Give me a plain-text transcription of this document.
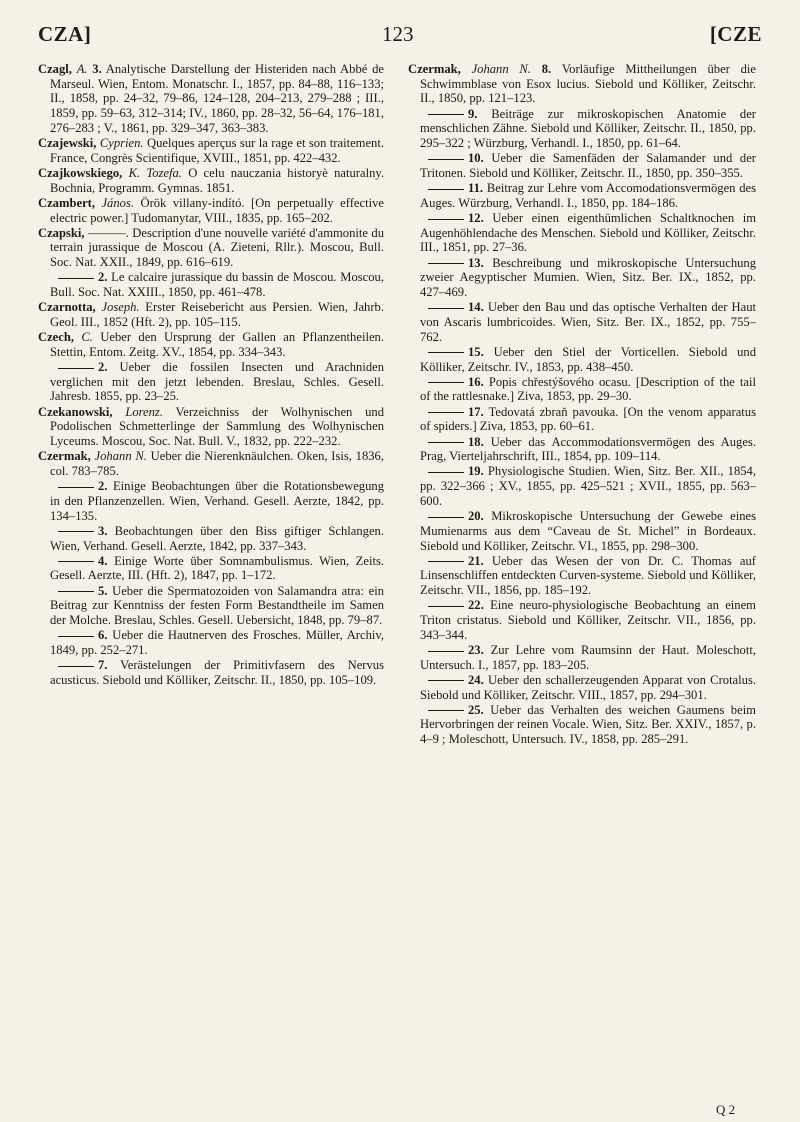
CZA]	123	[CZE

Czagl, A. 3. Analytische Darstellung der Histeriden nach Abbé de Marseul. Wien, Entom. Monatschr. I., 1857, pp. 84–88, 116–133; II., 1858, pp. 24–32, 79–86, 124–128, 204–213, 279–288 ; III., 1859, pp. 59–63, 312–314; IV., 1860, pp. 28–32, 56–64, 176–181, 276–283 ; V., 1861, pp. 329–347, 363–383.

Czajewski, Cyprien. Quelques aperçus sur la rage et son traitement. France, Congrès Scientifique, XVIII., 1851, pp. 422–432.

Czajkowskiego, K. Tozefa. O celu nauczania historyè naturalny. Bochnia, Programm. Gymnas. 1851.

Czambert, János. Örök villany-indító. [On perpetually effective electric power.] Tudomanytar, VIII., 1835, pp. 165–202.

Czapski, ———. Description d'une nouvelle variété d'ammonite du terrain jurassique de Moscou (A. Zieteni, Rllr.). Moscou, Bull. Soc. Nat. XXII., 1849, pp. 616–619.

2. Le calcaire jurassique du bassin de Moscou. Moscou, Bull. Soc. Nat. XXIII., 1850, pp. 461–478.

Czarnotta, Joseph. Erster Reisebericht aus Persien. Wien, Jahrb. Geol. III., 1852 (Hft. 2), pp. 105–115.

Czech, C. Ueber den Ursprung der Gallen an Pflanzentheilen. Stettin, Entom. Zeitg. XV., 1854, pp. 334–343.

2. Ueber die fossilen Insecten und Arachniden verglichen mit den jetzt lebenden. Breslau, Schles. Gesell. Jahresb. 1855, pp. 23–25.

Czekanowski, Lorenz. Verzeichniss der Wolhynischen und Podolischen Schmetterlinge der Sammlung des Wolhynischen Lyceums. Moscou, Soc. Nat. Bull. V., 1832, pp. 222–232.

Czermak, Johann N. Ueber die Nierenknäulchen. Oken, Isis, 1836, col. 783–785.

2. Einige Beobachtungen über die Rotationsbewegung in den Pflanzenzellen. Wien, Verhand. Gesell. Aerzte, 1842, pp. 134–135.

3. Beobachtungen über den Biss giftiger Schlangen. Wien, Verhand. Gesell. Aerzte, 1842, pp. 337–343.

4. Einige Worte über Somnambulismus. Wien, Zeits. Gesell. Aerzte, III. (Hft. 2), 1847, pp. 1–172.

5. Ueber die Spermatozoiden von Salamandra atra: ein Beitrag zur Kenntniss der festen Form Bestandtheile im Samen der Molche. Breslau, Schles. Gesell. Uebersicht, 1848, pp. 79–87.

6. Ueber die Hautnerven des Frosches. Müller, Archiv, 1849, pp. 252–271.

7. Verästelungen der Primitivfasern des Nervus acusticus. Siebold und Kölliker, Zeitschr. II., 1850, pp. 105–109.

Czermak, Johann N. 8. Vorläufige Mittheilungen über die Schwimmblase von Esox lucius. Siebold und Kölliker, Zeitschr. II., 1850, pp. 121–123.

9. Beiträge zur mikroskopischen Anatomie der menschlichen Zähne. Siebold und Kölliker, Zeitschr. II., 1850, pp. 295–322 ; Würzburg, Verhandl. I., 1850, pp. 61–64.

10. Ueber die Samenfäden der Salamander und der Tritonen. Siebold und Kölliker, Zeitschr. II., 1850, pp. 350–355.

11. Beitrag zur Lehre vom Accomodationsvermögen des Auges. Würzburg, Verhandl. I., 1850, pp. 184–186.

12. Ueber einen eigenthümlichen Schaltknochen im Augenhöhlendache des Menschen. Siebold und Kölliker, Zeitschr. III., 1851, pp. 27–36.

13. Beschreibung und mikroskopische Untersuchung zweier Aegyptischer Mumien. Wien, Sitz. Ber. IX., 1852, pp. 427–469.

14. Ueber den Bau und das optische Verhalten der Haut von Ascaris lumbricoides. Wien, Sitz. Ber. IX., 1852, pp. 755–762.

15. Ueber den Stiel der Vorticellen. Siebold und Kölliker, Zeitschr. IV., 1853, pp. 438–450.

16. Popis chřestýšového ocasu. [Description of the tail of the rattlesnake.] Ziva, 1853, pp. 29–30.

17. Tedovatá zbraň pavouka. [On the venom apparatus of spiders.] Ziva, 1853, pp. 60–61.

18. Ueber das Accommodationsvermögen des Auges. Prag, Vierteljahrschrift, III., 1854, pp. 109–114.

19. Physiologische Studien. Wien, Sitz. Ber. XII., 1854, pp. 322–366 ; XV., 1855, pp. 425–521 ; XVII., 1855, pp. 563–600.

20. Mikroskopische Untersuchung der Gewebe eines Mumienarms aus dem “Caveau de St. Michel” in Bordeaux. Siebold und Kölliker, Zeitschr. VI., 1855, pp. 298–300.

21. Ueber das Wesen der von Dr. C. Thomas auf Linsenschliffen entdeckten Curven-systeme. Siebold und Kölliker, Zeitschr. VII., 1856, pp. 185–192.

22. Eine neuro-physiologische Beobachtung an einem Triton cristatus. Siebold und Kölliker, Zeitschr. VII., 1856, pp. 343–344.

23. Zur Lehre vom Raumsinn der Haut. Moleschott, Untersuch. I., 1857, pp. 183–205.

24. Ueber den schallerzeugenden Apparat von Crotalus. Siebold und Kölliker, Zeitschr. VIII., 1857, pp. 294–301.

25. Ueber das Verhalten des weichen Gaumens beim Hervorbringen der reinen Vocale. Wien, Sitz. Ber. XXIV., 1857, p. 4–9 ; Moleschott, Untersuch. IV., 1858, pp. 285–291.

Q 2
